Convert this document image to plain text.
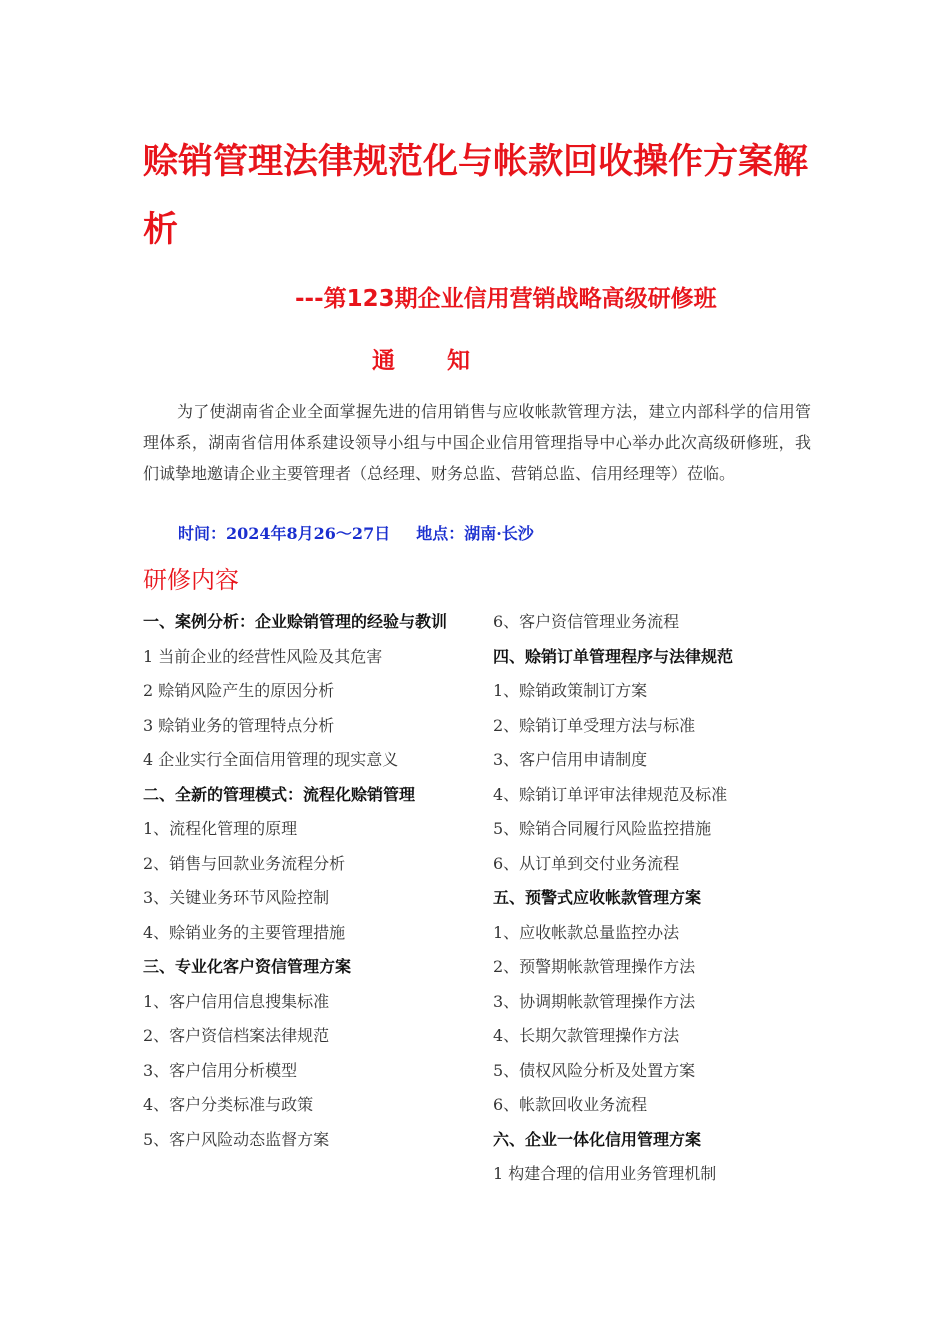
赊销管理法律规范化与帐款回收操作方案解析
---第123期企业信用营销战略高级研修班
通 知

为了使湖南省企业全面掌握先进的信用销售与应收帐款管理方法，建立内部科学的信用管理体系，湖南省信用体系建设领导小组与中国企业信用管理指导中心举办此次高级研修班，我们诚挚地邀请企业主要管理者（总经理、财务总监、营销总监、信用经理等）莅临。

时间：2024年8月26～27日 地点：湖南·长沙
研修内容

一、案例分析：企业赊销管理的经验与教训

1 当前企业的经营性风险及其危害

2 赊销风险产生的原因分析

3 赊销业务的管理特点分析

4 企业实行全面信用管理的现实意义

二、全新的管理模式：流程化赊销管理

1、流程化管理的原理

2、销售与回款业务流程分析

3、关键业务环节风险控制

4、赊销业务的主要管理措施

三、专业化客户资信管理方案

1、客户信用信息搜集标准

2、客户资信档案法律规范

3、客户信用分析模型

4、客户分类标准与政策

5、客户风险动态监督方案

6、客户资信管理业务流程

四、赊销订单管理程序与法律规范

1、赊销政策制订方案

2、赊销订单受理方法与标准

3、客户信用申请制度

4、赊销订单评审法律规范及标准

5、赊销合同履行风险监控措施

6、从订单到交付业务流程

五、预警式应收帐款管理方案

1、应收帐款总量监控办法

2、预警期帐款管理操作方法

3、协调期帐款管理操作方法

4、长期欠款管理操作方法

5、债权风险分析及处置方案

6、帐款回收业务流程

六、企业一体化信用管理方案

1 构建合理的信用业务管理机制
